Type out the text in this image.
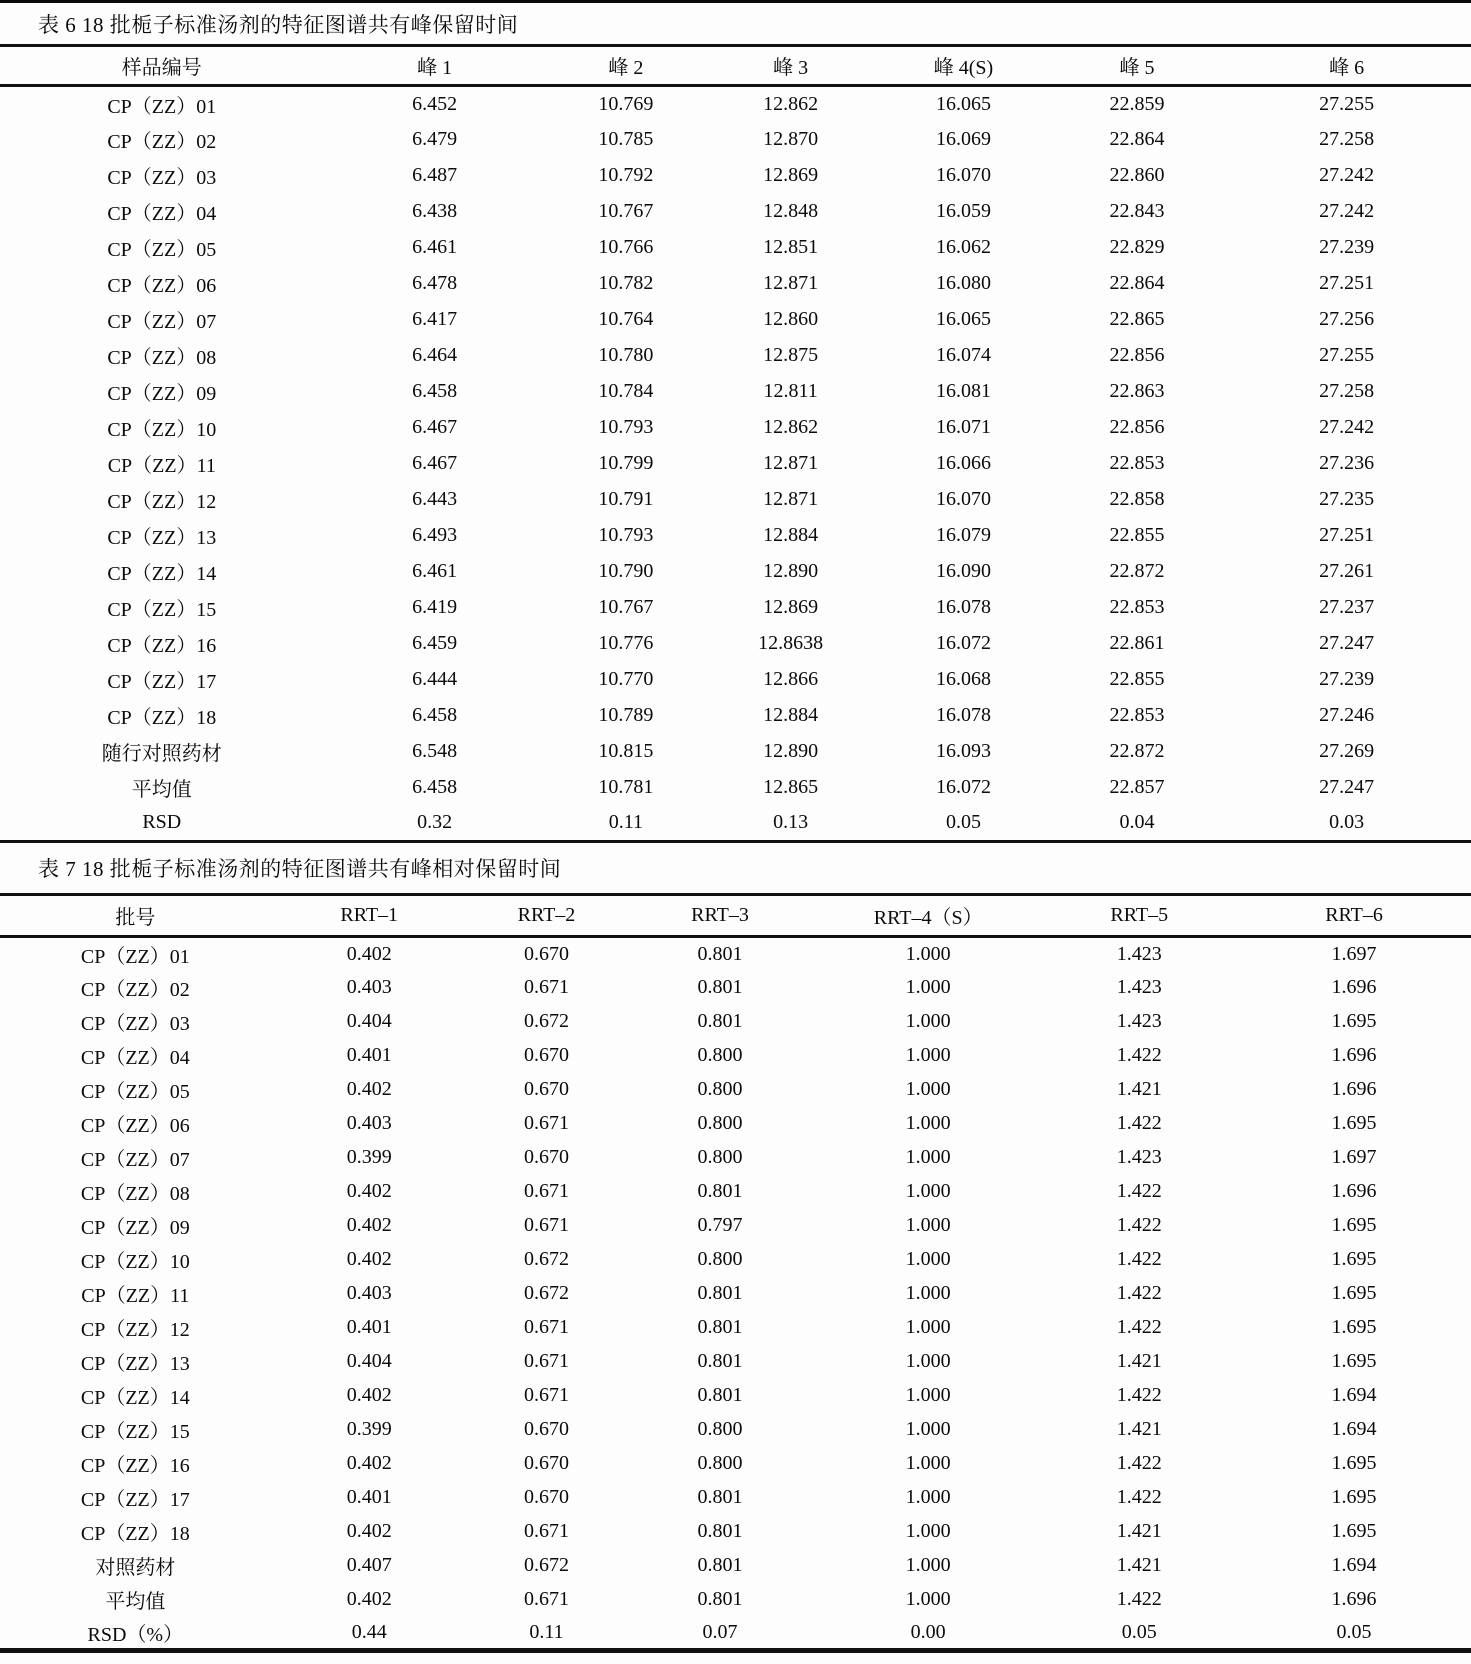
表 6 18 批栀子标准汤剂的特征图谱共有峰保留时间
样品编号	峰 1	峰 2	峰 3	峰 4(S)	峰 5	峰 6
CP（ZZ）01	6.452	10.769	12.862	16.065	22.859	27.255
CP（ZZ）02	6.479	10.785	12.870	16.069	22.864	27.258
CP（ZZ）03	6.487	10.792	12.869	16.070	22.860	27.242
CP（ZZ）04	6.438	10.767	12.848	16.059	22.843	27.242
CP（ZZ）05	6.461	10.766	12.851	16.062	22.829	27.239
CP（ZZ）06	6.478	10.782	12.871	16.080	22.864	27.251
CP（ZZ）07	6.417	10.764	12.860	16.065	22.865	27.256
CP（ZZ）08	6.464	10.780	12.875	16.074	22.856	27.255
CP（ZZ）09	6.458	10.784	12.811	16.081	22.863	27.258
CP（ZZ）10	6.467	10.793	12.862	16.071	22.856	27.242
CP（ZZ）11	6.467	10.799	12.871	16.066	22.853	27.236
CP（ZZ）12	6.443	10.791	12.871	16.070	22.858	27.235
CP（ZZ）13	6.493	10.793	12.884	16.079	22.855	27.251
CP（ZZ）14	6.461	10.790	12.890	16.090	22.872	27.261
CP（ZZ）15	6.419	10.767	12.869	16.078	22.853	27.237
CP（ZZ）16	6.459	10.776	12.8638	16.072	22.861	27.247
CP（ZZ）17	6.444	10.770	12.866	16.068	22.855	27.239
CP（ZZ）18	6.458	10.789	12.884	16.078	22.853	27.246
随行对照药材	6.548	10.815	12.890	16.093	22.872	27.269
平均值	6.458	10.781	12.865	16.072	22.857	27.247
RSD	0.32	0.11	0.13	0.05	0.04	0.03
表 7 18 批栀子标准汤剂的特征图谱共有峰相对保留时间
批号	RRT–1	RRT–2	RRT–3	RRT–4（S）	RRT–5	RRT–6
CP（ZZ）01	0.402	0.670	0.801	1.000	1.423	1.697
CP（ZZ）02	0.403	0.671	0.801	1.000	1.423	1.696
CP（ZZ）03	0.404	0.672	0.801	1.000	1.423	1.695
CP（ZZ）04	0.401	0.670	0.800	1.000	1.422	1.696
CP（ZZ）05	0.402	0.670	0.800	1.000	1.421	1.696
CP（ZZ）06	0.403	0.671	0.800	1.000	1.422	1.695
CP（ZZ）07	0.399	0.670	0.800	1.000	1.423	1.697
CP（ZZ）08	0.402	0.671	0.801	1.000	1.422	1.696
CP（ZZ）09	0.402	0.671	0.797	1.000	1.422	1.695
CP（ZZ）10	0.402	0.672	0.800	1.000	1.422	1.695
CP（ZZ）11	0.403	0.672	0.801	1.000	1.422	1.695
CP（ZZ）12	0.401	0.671	0.801	1.000	1.422	1.695
CP（ZZ）13	0.404	0.671	0.801	1.000	1.421	1.695
CP（ZZ）14	0.402	0.671	0.801	1.000	1.422	1.694
CP（ZZ）15	0.399	0.670	0.800	1.000	1.421	1.694
CP（ZZ）16	0.402	0.670	0.800	1.000	1.422	1.695
CP（ZZ）17	0.401	0.670	0.801	1.000	1.422	1.695
CP（ZZ）18	0.402	0.671	0.801	1.000	1.421	1.695
对照药材	0.407	0.672	0.801	1.000	1.421	1.694
平均值	0.402	0.671	0.801	1.000	1.422	1.696
RSD（%）	0.44	0.11	0.07	0.00	0.05	0.05
